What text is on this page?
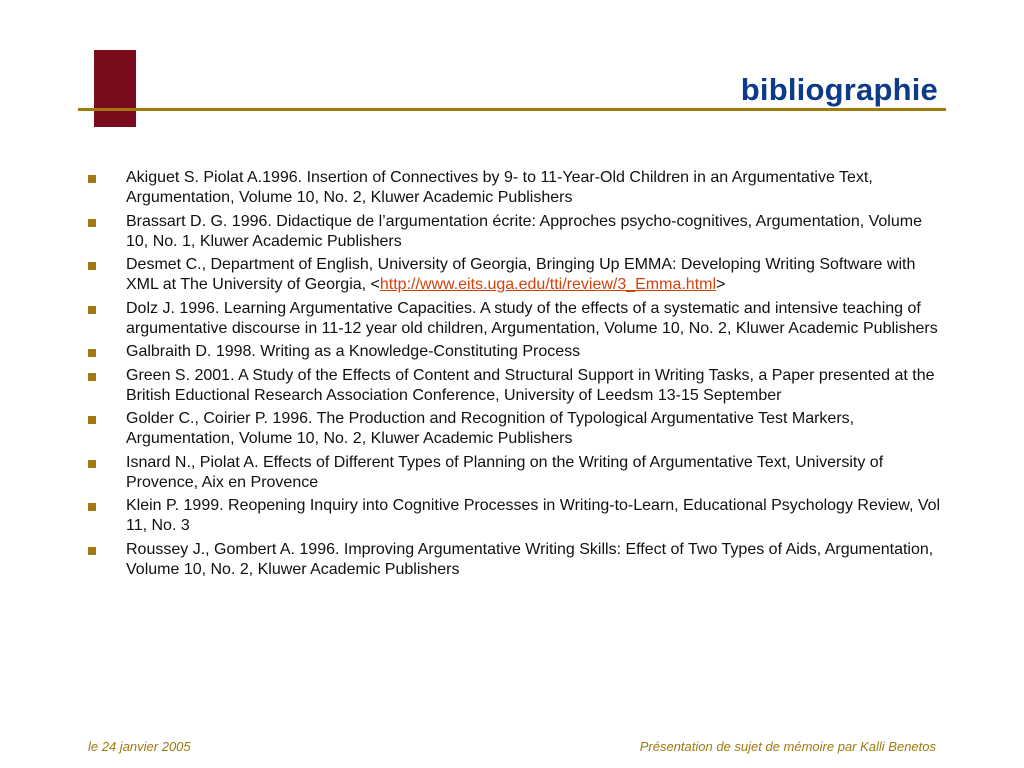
bibliographie
Akiguet S. Piolat A.1996. Insertion of Connectives by 9- to 11-Year-Old Children in an Argumentative Text, Argumentation, Volume 10, No. 2, Kluwer Academic Publishers
Brassart D. G. 1996. Didactique de l’argumentation écrite: Approches psycho-cognitives, Argumentation, Volume 10, No. 1, Kluwer Academic Publishers
Desmet C., Department of English, University of Georgia, Bringing Up EMMA: Developing Writing Software with XML at The University of Georgia, <http://www.eits.uga.edu/tti/review/3_Emma.html>
Dolz J. 1996. Learning Argumentative Capacities. A study of the effects of a systematic and intensive teaching of argumentative discourse in 11-12 year old children, Argumentation, Volume 10, No. 2, Kluwer Academic Publishers
Galbraith D. 1998. Writing as a Knowledge-Constituting Process
Green S. 2001. A Study of the Effects of Content and Structural Support in Writing Tasks, a Paper presented at the British Eductional Research Association Conference, University of Leedsm 13-15 September
Golder C., Coirier P. 1996. The Production and Recognition of Typological Argumentative Test Markers, Argumentation, Volume 10, No. 2, Kluwer Academic Publishers
Isnard N., Piolat A. Effects of Different Types of Planning on the Writing of Argumentative Text, University of Provence, Aix en Provence
Klein P. 1999. Reopening Inquiry into Cognitive Processes in Writing-to-Learn, Educational Psychology Review, Vol 11, No. 3
Roussey J., Gombert A. 1996. Improving Argumentative Writing Skills: Effect of Two Types of Aids, Argumentation, Volume 10, No. 2, Kluwer Academic Publishers
le 24 janvier 2005	Présentation de sujet de mémoire par Kalli Benetos
